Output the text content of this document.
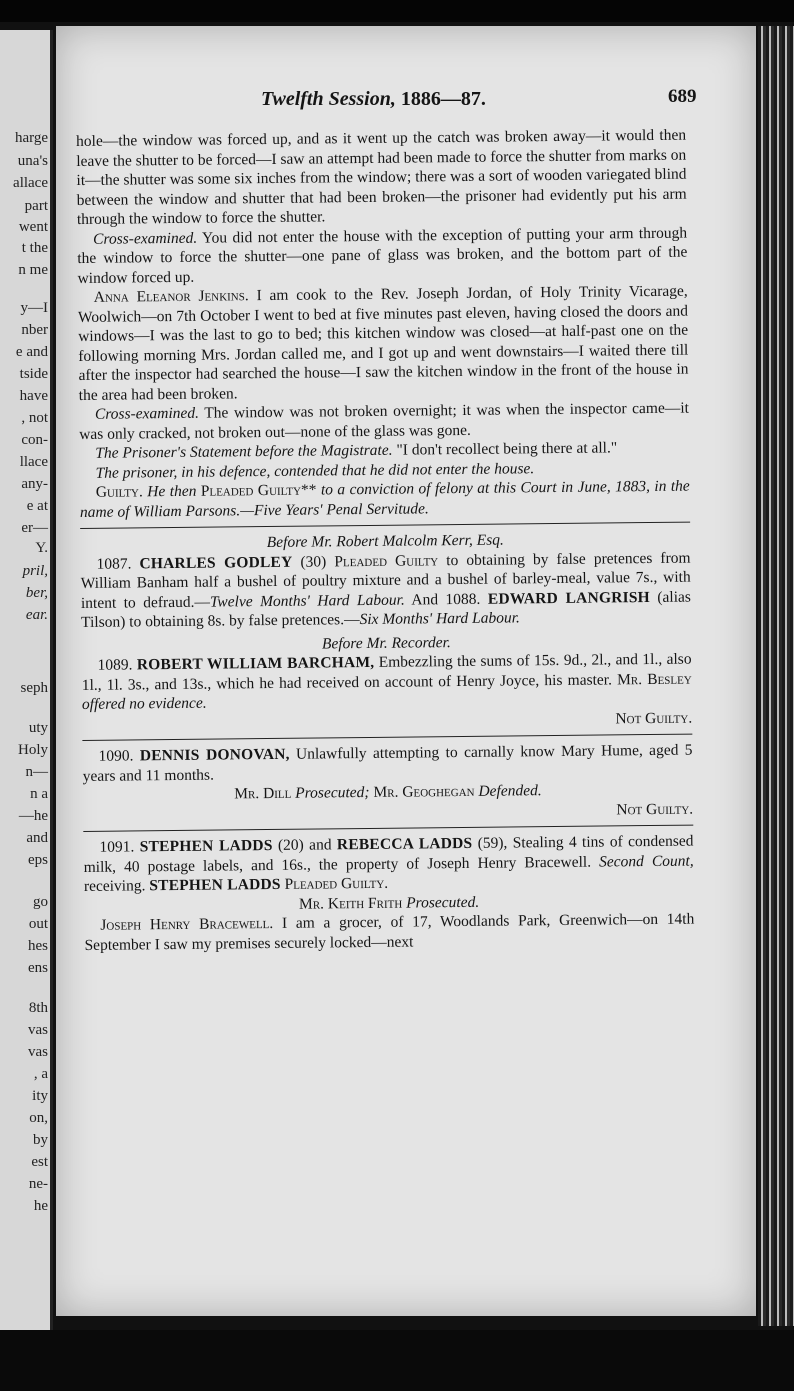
harge
una's
allace
part
went
t the
n me
y—I
nber
e and
tside
have
, not
con-
llace
any-
e at
er—
Y.
pril,
ber,
ear.
seph
uty
Holy
n—
n a
—he
and
eps
go
out
hes
ens
8th
vas
vas
, a
ity
on,
by
est
ne-
he
Twelfth Session, 1886—87.	689

hole—the window was forced up, and as it went up the catch was broken away—it would then leave the shutter to be forced—I saw an attempt had been made to force the shutter from marks on it—the shutter was some six inches from the window; there was a sort of wooden variegated blind between the window and shutter that had been broken—the prisoner had evidently put his arm through the window to force the shutter.

Cross-examined. You did not enter the house with the exception of putting your arm through the window to force the shutter—one pane of glass was broken, and the bottom part of the window forced up.

Anna Eleanor Jenkins. I am cook to the Rev. Joseph Jordan, of Holy Trinity Vicarage, Woolwich—on 7th October I went to bed at five minutes past eleven, having closed the doors and windows—I was the last to go to bed; this kitchen window was closed—at half-past one on the following morning Mrs. Jordan called me, and I got up and went downstairs—I waited there till after the inspector had searched the house—I saw the kitchen window in the front of the house in the area had been broken.

Cross-examined. The window was not broken overnight; it was when the inspector came—it was only cracked, not broken out—none of the glass was gone.

The Prisoner's Statement before the Magistrate. "I don't recollect being there at all."

The prisoner, in his defence, contended that he did not enter the house.

Guilty. He then Pleaded Guilty** to a conviction of felony at this Court in June, 1883, in the name of William Parsons.—Five Years' Penal Servitude.

Before Mr. Robert Malcolm Kerr, Esq.

1087. CHARLES GODLEY (30) Pleaded Guilty to obtaining by false pretences from William Banham half a bushel of poultry mixture and a bushel of barley-meal, value 7s., with intent to defraud.—Twelve Months' Hard Labour. And 1088. EDWARD LANGRISH (alias Tilson) to obtaining 8s. by false pretences.—Six Months' Hard Labour.

Before Mr. Recorder.

1089. ROBERT WILLIAM BARCHAM, Embezzling the sums of 15s. 9d., 2l., and 1l., also 1l., 1l. 3s., and 13s., which he had received on account of Henry Joyce, his master. Mr. Besley offered no evidence.

Not Guilty.

1090. DENNIS DONOVAN, Unlawfully attempting to carnally know Mary Hume, aged 5 years and 11 months.

Mr. Dill Prosecuted; Mr. Geoghegan Defended.

Not Guilty.

1091. STEPHEN LADDS (20) and REBECCA LADDS (59), Stealing 4 tins of condensed milk, 40 postage labels, and 16s., the property of Joseph Henry Bracewell. Second Count, receiving. STEPHEN LADDS Pleaded Guilty.

Mr. Keith Frith Prosecuted.

Joseph Henry Bracewell. I am a grocer, of 17, Woodlands Park, Greenwich—on 14th September I saw my premises securely locked—next
